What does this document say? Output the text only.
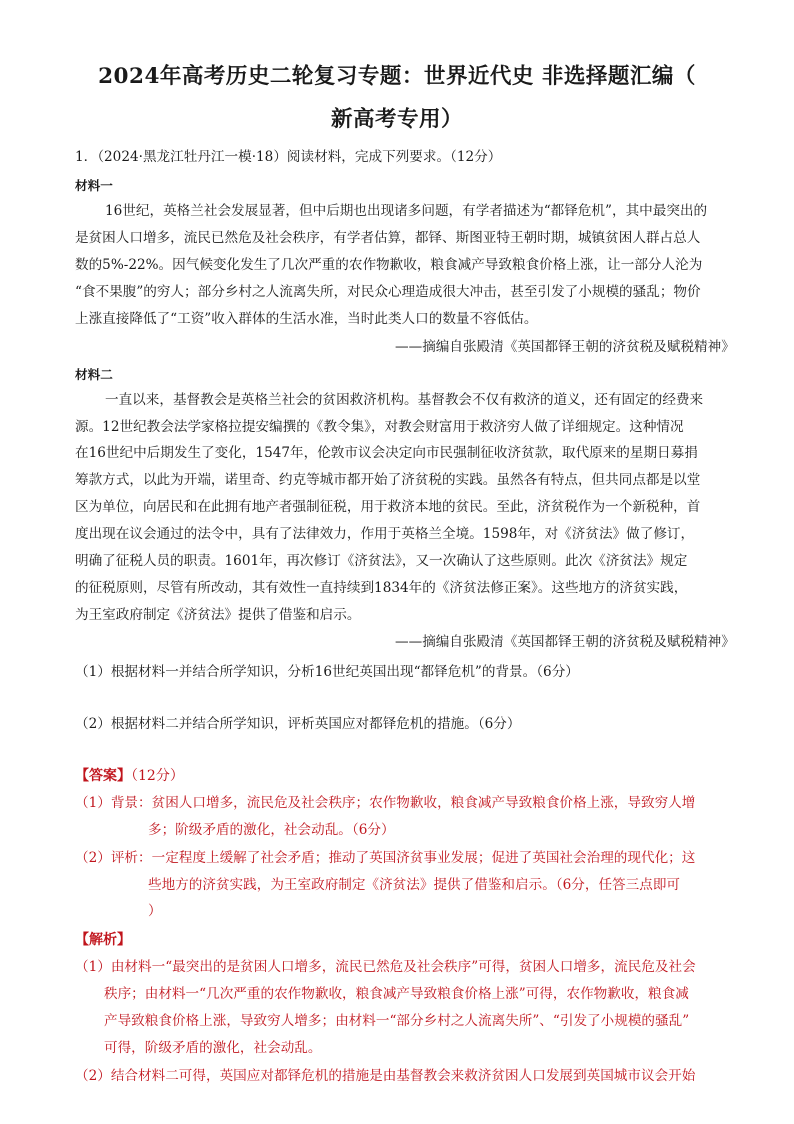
2024年高考历史二轮复习专题：世界近代史 非选择题汇编（
新高考专用）
1．（2024·黑龙江牡丹江一模·18）阅读材料，完成下列要求。（12分）
材料一
16世纪，英格兰社会发展显著，但中后期也出现诸多问题，有学者描述为“都铎危机”，其中最突出的
是贫困人口增多，流民已然危及社会秩序，有学者估算，都铎、斯图亚特王朝时期，城镇贫困人群占总人
数的5%-22%。因气候变化发生了几次严重的农作物歉收，粮食减产导致粮食价格上涨，让一部分人沦为
“食不果腹”的穷人；部分乡村之人流离失所，对民众心理造成很大冲击，甚至引发了小规模的骚乱；物价
上涨直接降低了“工资”收入群体的生活水准，当时此类人口的数量不容低估。
——摘编自张殿清《英国都铎王朝的济贫税及赋税精神》
材料二
一直以来，基督教会是英格兰社会的贫困救济机构。基督教会不仅有救济的道义，还有固定的经费来
源。12世纪教会法学家格拉提安编撰的《教令集》，对教会财富用于救济穷人做了详细规定。这种情况
在16世纪中后期发生了变化，1547年，伦敦市议会决定向市民强制征收济贫款，取代原来的星期日募捐
筹款方式，以此为开端，诺里奇、约克等城市都开始了济贫税的实践。虽然各有特点，但共同点都是以堂
区为单位，向居民和在此拥有地产者强制征税，用于救济本地的贫民。至此，济贫税作为一个新税种，首
度出现在议会通过的法令中，具有了法律效力，作用于英格兰全境。1598年，对《济贫法》做了修订，
明确了征税人员的职责。1601年，再次修订《济贫法》，又一次确认了这些原则。此次《济贫法》规定
的征税原则，尽管有所改动，其有效性一直持续到1834年的《济贫法修正案》。这些地方的济贫实践，
为王室政府制定《济贫法》提供了借鉴和启示。
——摘编自张殿清《英国都铎王朝的济贫税及赋税精神》
（1）根据材料一并结合所学知识，分析16世纪英国出现“都铎危机”的背景。（6分）
（2）根据材料二并结合所学知识，评析英国应对都铎危机的措施。（6分）
【答案】（12分）
（1）背景：贫困人口增多，流民危及社会秩序；农作物歉收，粮食减产导致粮食价格上涨，导致穷人增
多；阶级矛盾的激化，社会动乱。（6分）
（2）评析：一定程度上缓解了社会矛盾；推动了英国济贫事业发展；促进了英国社会治理的现代化；这
些地方的济贫实践，为王室政府制定《济贫法》提供了借鉴和启示。（6分，任答三点即可
）
【解析】
（1）由材料一“最突出的是贫困人口增多，流民已然危及社会秩序”可得，贫困人口增多，流民危及社会
秩序；由材料一“几次严重的农作物歉收，粮食减产导致粮食价格上涨”可得，农作物歉收，粮食减
产导致粮食价格上涨，导致穷人增多；由材料一“部分乡村之人流离失所”、“引发了小规模的骚乱”
可得，阶级矛盾的激化，社会动乱。
（2）结合材料二可得，英国应对都铎危机的措施是由基督教会来救济贫困人口发展到英国城市议会开始
